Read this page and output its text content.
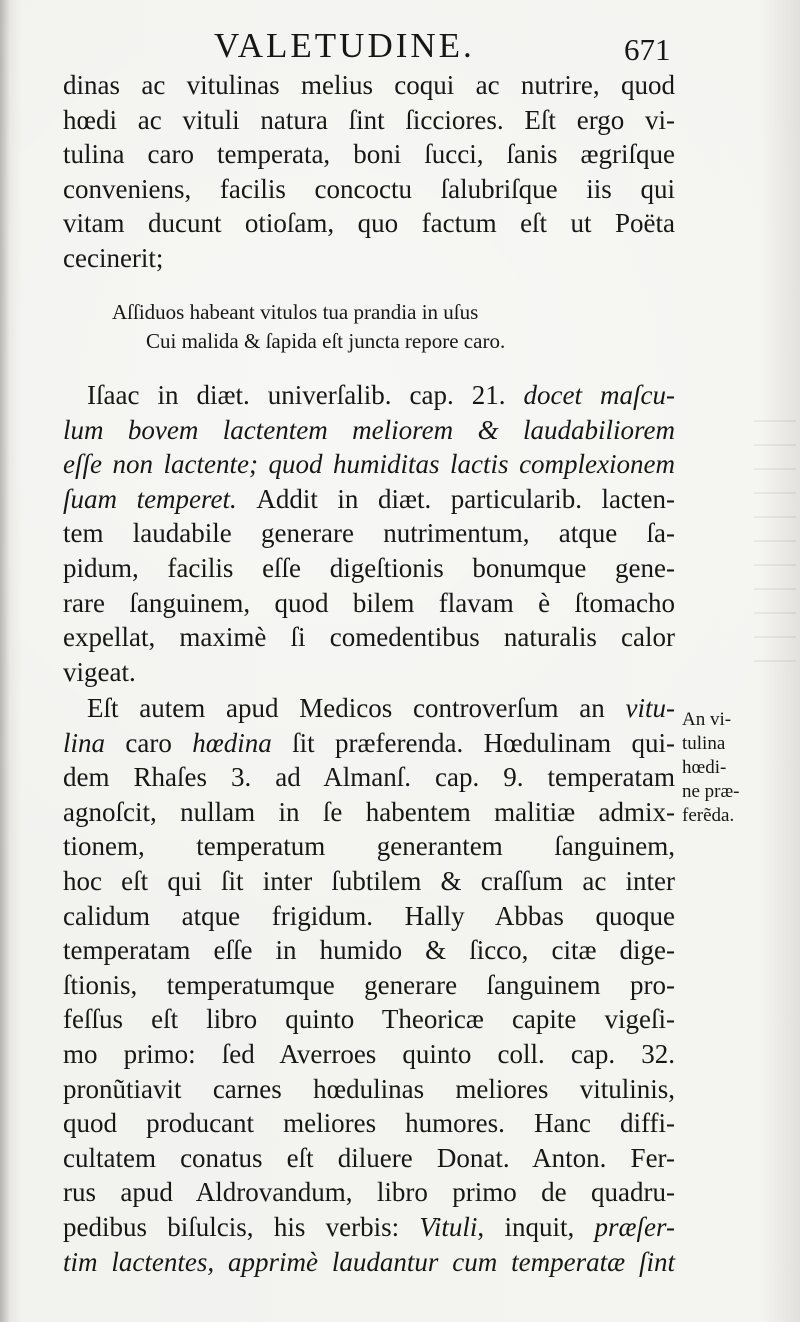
VALETUDINE.	671
dinas ac vitulinas melius coqui ac nutrire, quod
hœdi ac vituli natura ſint ſicciores. Eſt ergo vi-
tulina caro temperata, boni ſucci, ſanis ægriſque
conveniens, facilis concoctu ſalubriſque iis qui
vitam ducunt otioſam, quo factum eſt ut Poëta
cecinerit;
Aſſiduos habeant vitulos tua prandia in uſus
Cui malida & ſapida eſt juncta repore caro.
Iſaac in diæt. univerſalib. cap. 21. docet maſcu-
lum bovem lactentem meliorem & laudabiliorem
eſſe non lactente; quod humiditas lactis complexionem
ſuam temperet. Addit in diæt. particularib. lacten-
tem laudabile generare nutrimentum, atque ſa-
pidum, facilis eſſe digeſtionis bonumque gene-
rare ſanguinem, quod bilem flavam è ſtomacho
expellat, maximè ſi comedentibus naturalis calor
vigeat.
Eſt autem apud Medicos controverſum an vitu-
lina caro hœdina ſit præferenda. Hœdulinam qui-
dem Rhaſes 3. ad Almanſ. cap. 9. temperatam
agnoſcit, nullam in ſe habentem malitiæ admix-
tionem, temperatum generantem ſanguinem,
hoc eſt qui ſit inter ſubtilem & craſſum ac inter
calidum atque frigidum. Hally Abbas quoque
temperatam eſſe in humido & ſicco, citæ dige-
ſtionis, temperatumque generare ſanguinem pro-
feſſus eſt libro quinto Theoricæ capite vigeſi-
mo primo: ſed Averroes quinto coll. cap. 32.
pronũtiavit carnes hœdulinas meliores vitulinis,
quod producant meliores humores. Hanc diffi-
cultatem conatus eſt diluere Donat. Anton. Fer-
rus apud Aldrovandum, libro primo de quadru-
pedibus biſulcis, his verbis: Vituli, inquit, præſer-
tim lactentes, apprimè laudantur cum temperatæ ſint
An vi-
tulina
hœdi-
ne præ-
ferẽda.
